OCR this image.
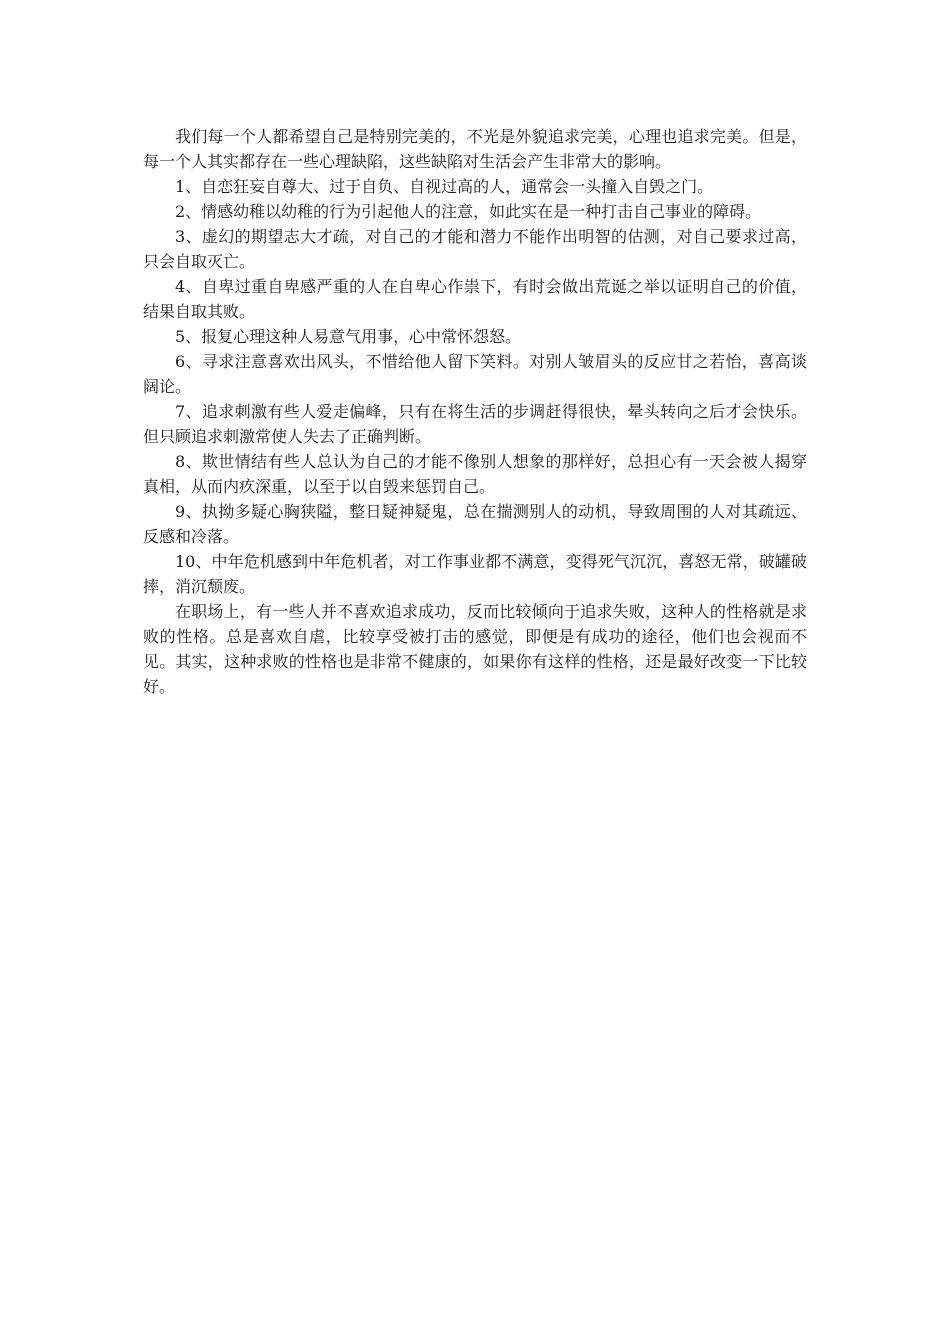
我们每一个人都希望自己是特别完美的，不光是外貌追求完美，心理也追求完美。但是，每一个人其实都存在一些心理缺陷，这些缺陷对生活会产生非常大的影响。

1、自恋狂妄自尊大、过于自负、自视过高的人，通常会一头撞入自毁之门。

2、情感幼稚以幼稚的行为引起他人的注意，如此实在是一种打击自己事业的障碍。

3、虚幻的期望志大才疏，对自己的才能和潜力不能作出明智的估测，对自己要求过高，只会自取灭亡。

4、自卑过重自卑感严重的人在自卑心作祟下，有时会做出荒诞之举以证明自己的价值，结果自取其败。

5、报复心理这种人易意气用事，心中常怀怨怒。

6、寻求注意喜欢出风头，不惜给他人留下笑料。对别人皱眉头的反应甘之若怡，喜高谈阔论。

7、追求刺激有些人爱走偏峰，只有在将生活的步调赶得很快，晕头转向之后才会快乐。但只顾追求刺激常使人失去了正确判断。

8、欺世情结有些人总认为自己的才能不像别人想象的那样好，总担心有一天会被人揭穿真相，从而内疚深重，以至于以自毁来惩罚自己。

9、执拗多疑心胸狭隘，整日疑神疑鬼，总在揣测别人的动机，导致周围的人对其疏远、反感和冷落。

10、中年危机感到中年危机者，对工作事业都不满意，变得死气沉沉，喜怒无常，破罐破摔，消沉颓废。

在职场上，有一些人并不喜欢追求成功，反而比较倾向于追求失败，这种人的性格就是求败的性格。总是喜欢自虐，比较享受被打击的感觉，即便是有成功的途径，他们也会视而不见。其实，这种求败的性格也是非常不健康的，如果你有这样的性格，还是最好改变一下比较好。
